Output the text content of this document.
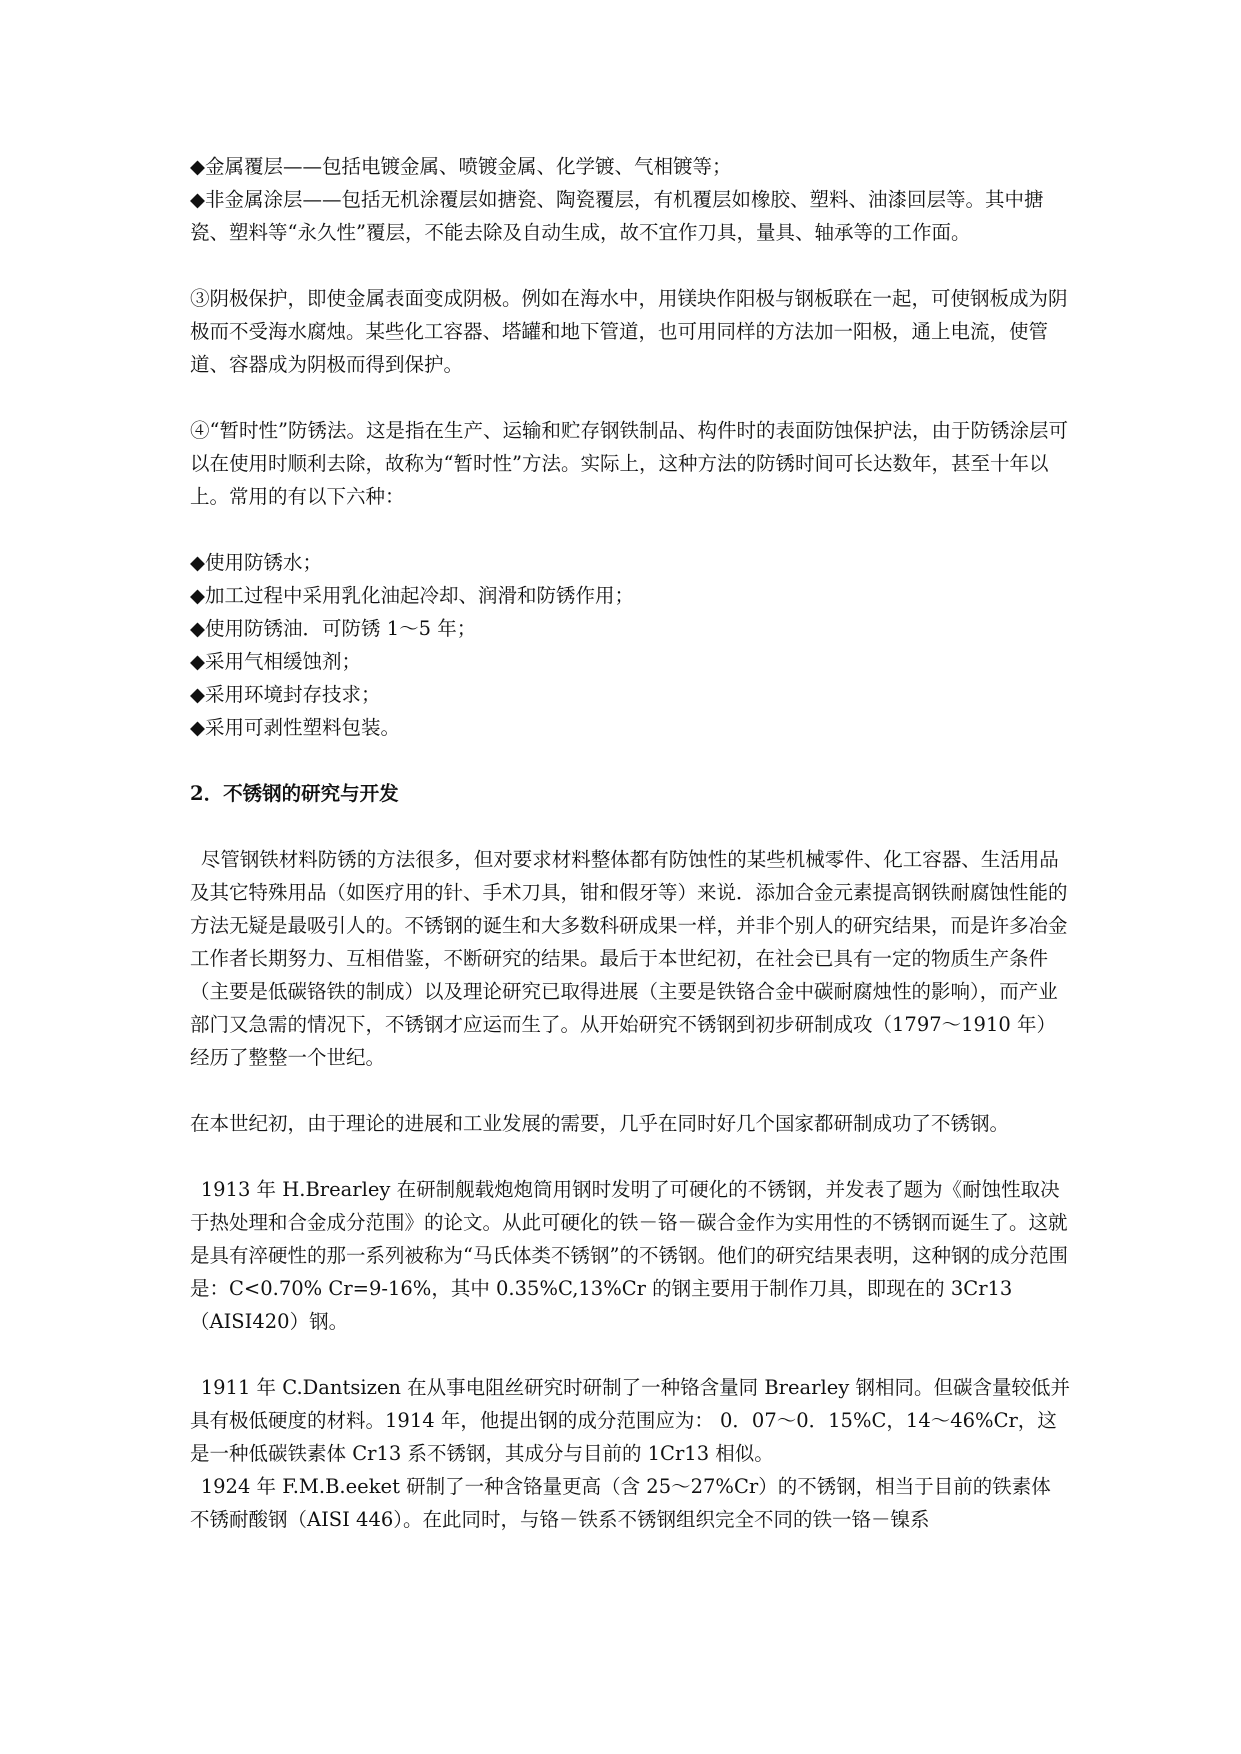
◆金属覆层——包括电镀金属、喷镀金属、化学镀、气相镀等；

◆非金属涂层——包括无机涂覆层如搪瓷、陶瓷覆层，有机覆层如橡胶、塑料、油漆回层等。其中搪瓷、塑料等“永久性”覆层，不能去除及自动生成，故不宜作刀具，量具、轴承等的工作面。

③阴极保护，即使金属表面变成阴极。例如在海水中，用镁块作阳极与钢板联在一起，可使钢板成为阴极而不受海水腐烛。某些化工容器、塔罐和地下管道，也可用同样的方法加一阳极，通上电流，使管道、容器成为阴极而得到保护。

④“暂时性”防锈法。这是指在生产、运输和贮存钢铁制品、构件时的表面防蚀保护法，由于防锈涂层可以在使用时顺利去除，故称为“暂时性”方法。实际上，这种方法的防锈时间可长达数年，甚至十年以上。常用的有以下六种：

◆使用防锈水；
◆加工过程中采用乳化油起冷却、润滑和防锈作用；
◆使用防锈油．可防锈 1～5 年；
◆采用气相缓蚀剂；
◆采用环境封存技求；
◆采用可剥性塑料包装。

2．不锈钢的研究与开发

尽管钢铁材料防锈的方法很多，但对要求材料整体都有防蚀性的某些机械零件、化工容器、生活用品及其它特殊用品（如医疗用的针、手术刀具，钳和假牙等）来说．添加合金元素提高钢铁耐腐蚀性能的方法无疑是最吸引人的。不锈钢的诞生和大多数科研成果一样，并非个别人的研究结果，而是许多冶金工作者长期努力、互相借鉴，不断研究的结果。最后于本世纪初，在社会已具有一定的物质生产条件（主要是低碳铬铁的制成）以及理论研究已取得进展（主要是铁铬合金中碳耐腐烛性的影响），而产业部门又急需的情况下，不锈钢才应运而生了。从开始研究不锈钢到初步研制成攻（1797～1910 年）经历了整整一个世纪。

在本世纪初，由于理论的进展和工业发展的需要，几乎在同时好几个国家都研制成功了不锈钢。

1913 年 H.Brearley 在研制舰载炮炮筒用钢时发明了可硬化的不锈钢，并发表了题为《耐蚀性取决于热处理和合金成分范围》的论文。从此可硬化的铁－铬－碳合金作为实用性的不锈钢而诞生了。这就是具有淬硬性的那一系列被称为“马氏体类不锈钢”的不锈钢。他们的研究结果表明，这种钢的成分范围是：C<0.70% Cr=9-16%，其中 0.35%C,13%Cr 的钢主要用于制作刀具，即现在的 3Cr13（AISI420）钢。

1911 年 C.Dantsizen 在从事电阻丝研究时研制了一种铬含量同 Brearley 钢相同。但碳含量较低并具有极低硬度的材料。1914 年，他提出钢的成分范围应为： 0．07～0．15%C，14～46%Cr，这是一种低碳铁素体 Cr13 系不锈钢，其成分与目前的 1Cr13 相似。

1924 年 F.M.B.eeket 研制了一种含铬量更高（含 25～27%Cr）的不锈钢，相当于目前的铁素体不锈耐酸钢（AISI 446）。在此同时，与铬－铁系不锈钢组织完全不同的铁一铬－镍系
